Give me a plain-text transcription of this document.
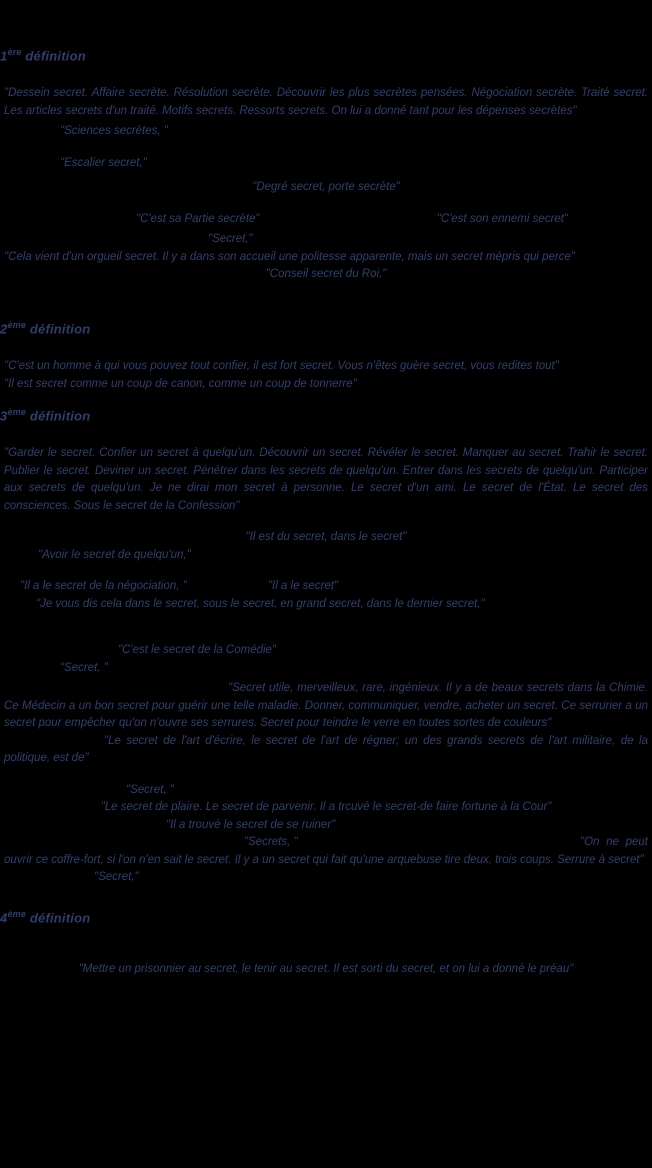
1ère définition
"Dessein secret. Affaire secrète. Résolution secrète. Découvrir les plus secrètes pensées. Négociation secrète. Traité secret. Les articles secrets d'un traité. Motifs secrets. Ressorts secrets. On lui a donné tant pour les dépenses secrètes"
"Sciences secrètes, "
"Escalier secret,"
"Degré secret, porte secrète"
"C'est sa Partie secrète"	"C'est son ennemi secret"
"Secret,"
"Cela vient d'un orgueil secret. Il y a dans son accueil une politesse apparente, mais un secret mépris qui perce"
"Conseil secret du Roi,"
2ème définition
"C'est un homme à qui vous pouvez tout confier, il est fort secret. Vous n'êtes guère secret, vous redites tout"
"Il est secret comme un coup de canon, comme un coup de tonnerre"
3ème définition
"Garder le secret. Confier un secret à quelqu'un. Découvrir un secret. Révéler le secret. Manquer au secret. Trahir le secret. Publier le secret. Deviner un secret. Pénétrer dans les secrets de quelqu'un. Entrer dans les secrets de quelqu'un. Participer aux secrets de quelqu'un. Je ne dirai mon secret à personne. Le secret d'un ami. Le secret de l'État. Le secret des consciences. Sous le secret de la Confession"
"Il est du secret, dans le secret"
"Avoir le secret de quelqu'un,"
"Il a le secret de la négociation, "	"Il a le secret"
"Je vous dis cela dans le secret, sous le secret, en grand secret, dans le dernier secret,"
"C'est le secret de la Comédie"
"Secret, "
"Secret utile, merveilleux, rare, ingénieux. Il y a de beaux secrets dans la Chimie. Ce Médecin a un bon secret pour guérir une telle maladie. Donner, communiquer, vendre, acheter un secret. Ce serrurier a un secret pour empêcher qu'on n'ouvre ses serrures. Secret pour teindre le verre en toutes sortes de couleurs"
"Le secret de l'art d'écrire, le secret de l'art de régner; un des grands secrets de l'art militaire, de la politique, est de"
"Secret, "
"Le secret de plaire. Le secret de parvenir. Il a trcuvé le secret-de faire fortune à la Cour"
"Il a trouvé le secret de se ruiner"
"Secrets, "
	"On ne peut ouvrir ce coffre-fort, si l'on n'en sait le secret. Il y a un secret qui fait qu'une arquebuse tire deux, trois coups. Serrure à secret"
"Secret,"
4ème définition
"Mettre un prisonnier au secret, le tenir au secret. Il est sorti du secret, et on lui a donné le préau"
